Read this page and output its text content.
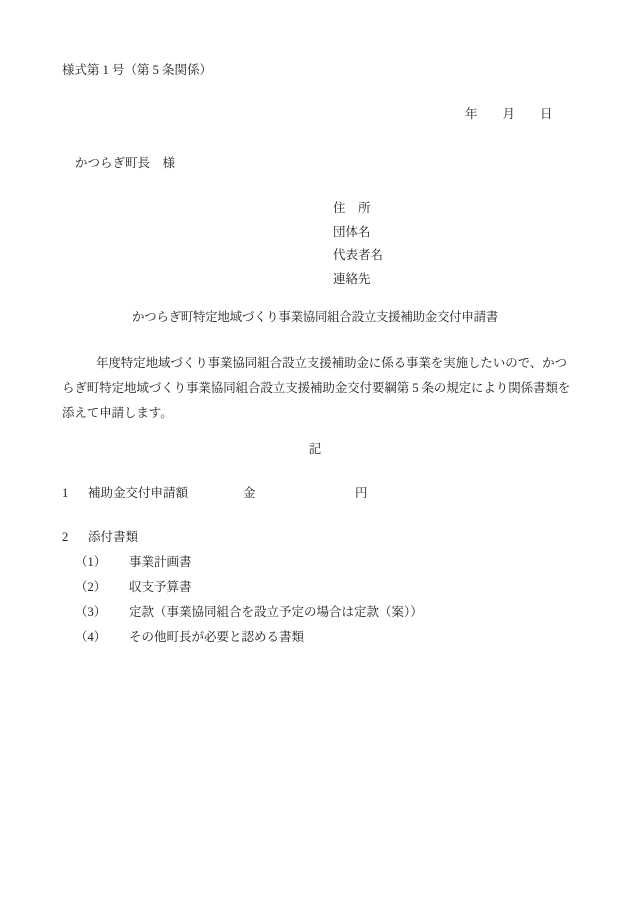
様式第 1 号（第 5 条関係）
年　　月　　日
かつらぎ町長　様
住　所
団体名
代表者名
連絡先
かつらぎ町特定地域づくり事業協同組合設立支援補助金交付申請書
年度特定地域づくり事業協同組合設立支援補助金に係る事業を実施したいので、かつ
らぎ町特定地域づくり事業協同組合設立支援補助金交付要綱第 5 条の規定により関係書類を
添えて申請します。
記
1 補助金交付申請額	金	円
2 添付書類
（1） 事業計画書
（2） 収支予算書
（3） 定款（事業協同組合を設立予定の場合は定款（案））
（4） その他町長が必要と認める書類
